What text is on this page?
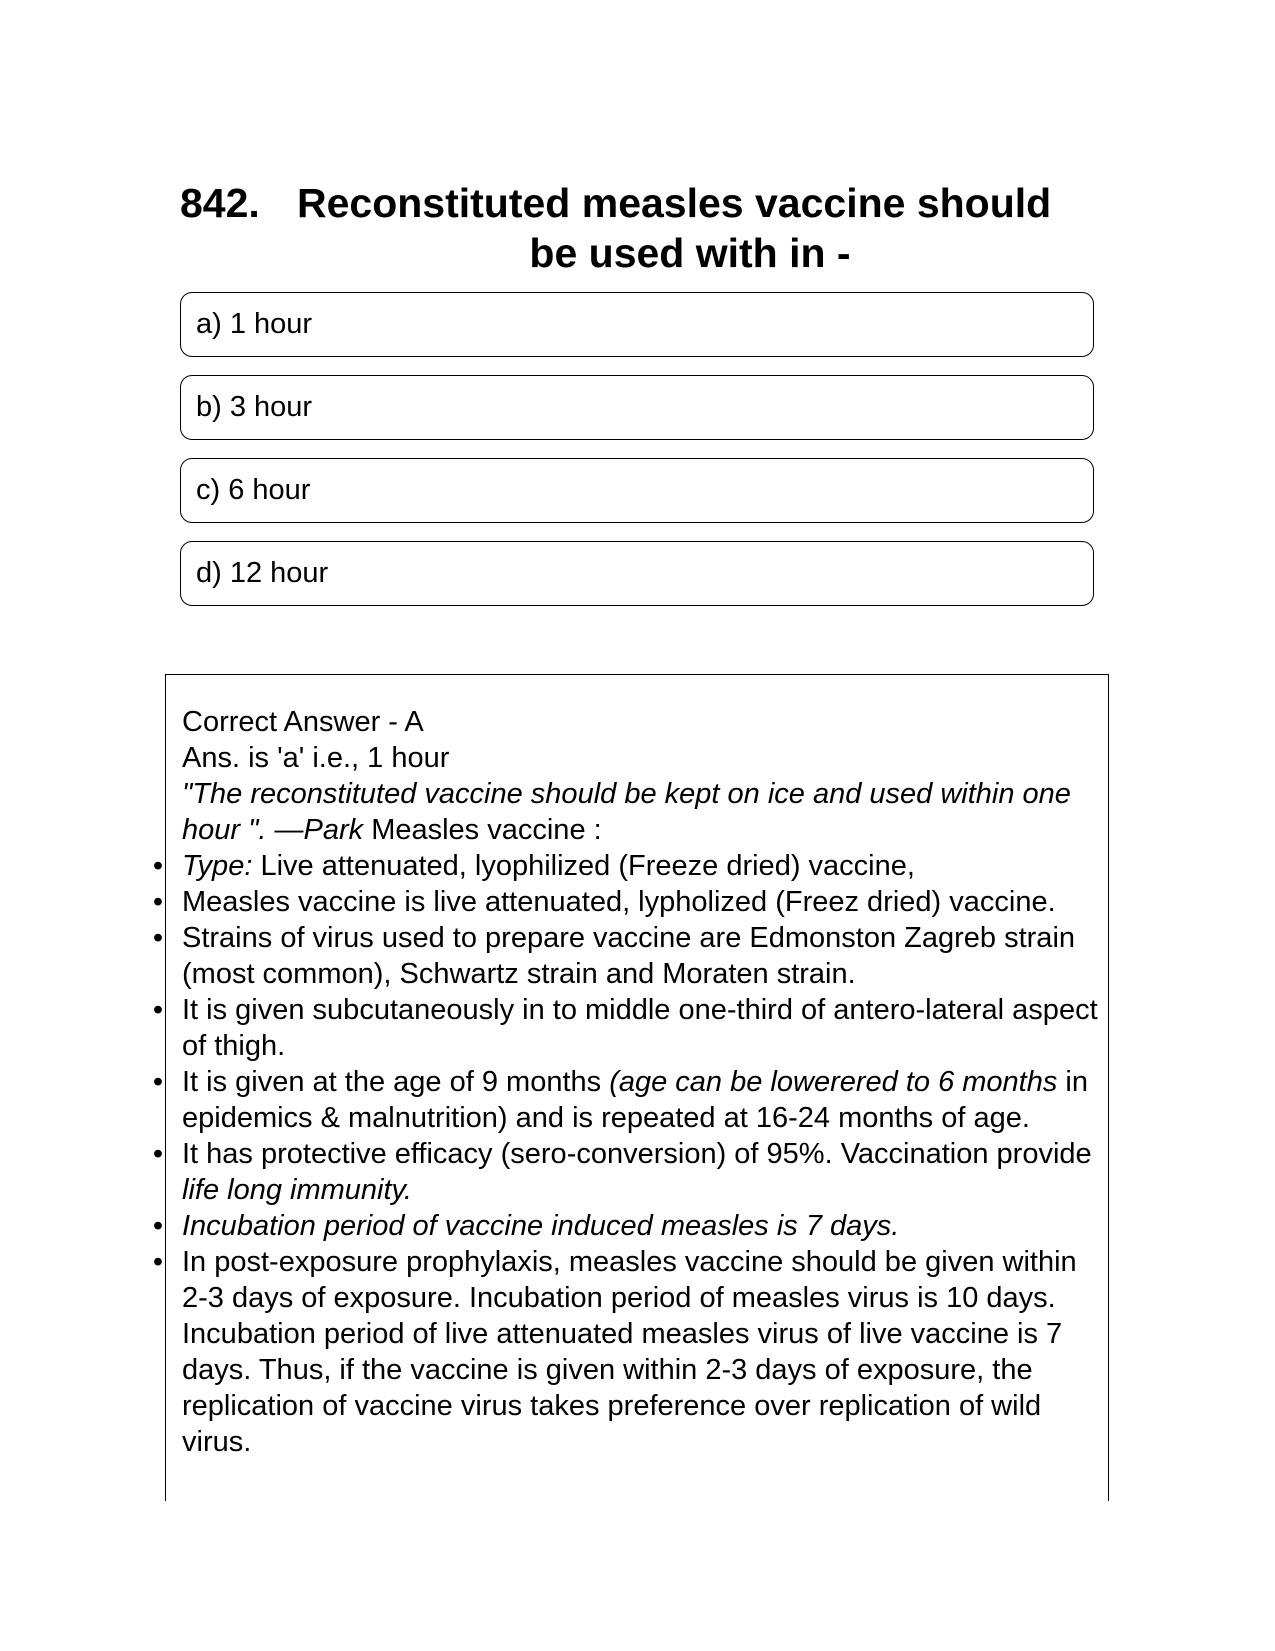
842. Reconstituted measles vaccine should
be used with in -
a) 1 hour
b) 3 hour
c) 6 hour
d) 12 hour

Correct Answer - A

Ans. is 'a' i.e., 1 hour

"The reconstituted vaccine should be kept on ice and used within one hour ". —Park Measles vaccine :

• Type: Live attenuated, lyophilized (Freeze dried) vaccine,
• Measles vaccine is live attenuated, lypholized (Freez dried) vaccine.
• Strains of virus used to prepare vaccine are Edmonston Zagreb strain (most common), Schwartz strain and Moraten strain.
• It is given subcutaneously in to middle one-third of antero-lateral aspect of thigh.
• It is given at the age of 9 months (age can be lowerered to 6 months in epidemics & malnutrition) and is repeated at 16-24 months of age.
• It has protective efficacy (sero-conversion) of 95%. Vaccination provide life long immunity.
• Incubation period of vaccine induced measles is 7 days.
• In post-exposure prophylaxis, measles vaccine should be given within 2-3 days of exposure. Incubation period of measles virus is 10 days. Incubation period of live attenuated measles virus of live vaccine is 7 days. Thus, if the vaccine is given within 2-3 days of exposure, the replication of vaccine virus takes preference over replication of wild virus.
